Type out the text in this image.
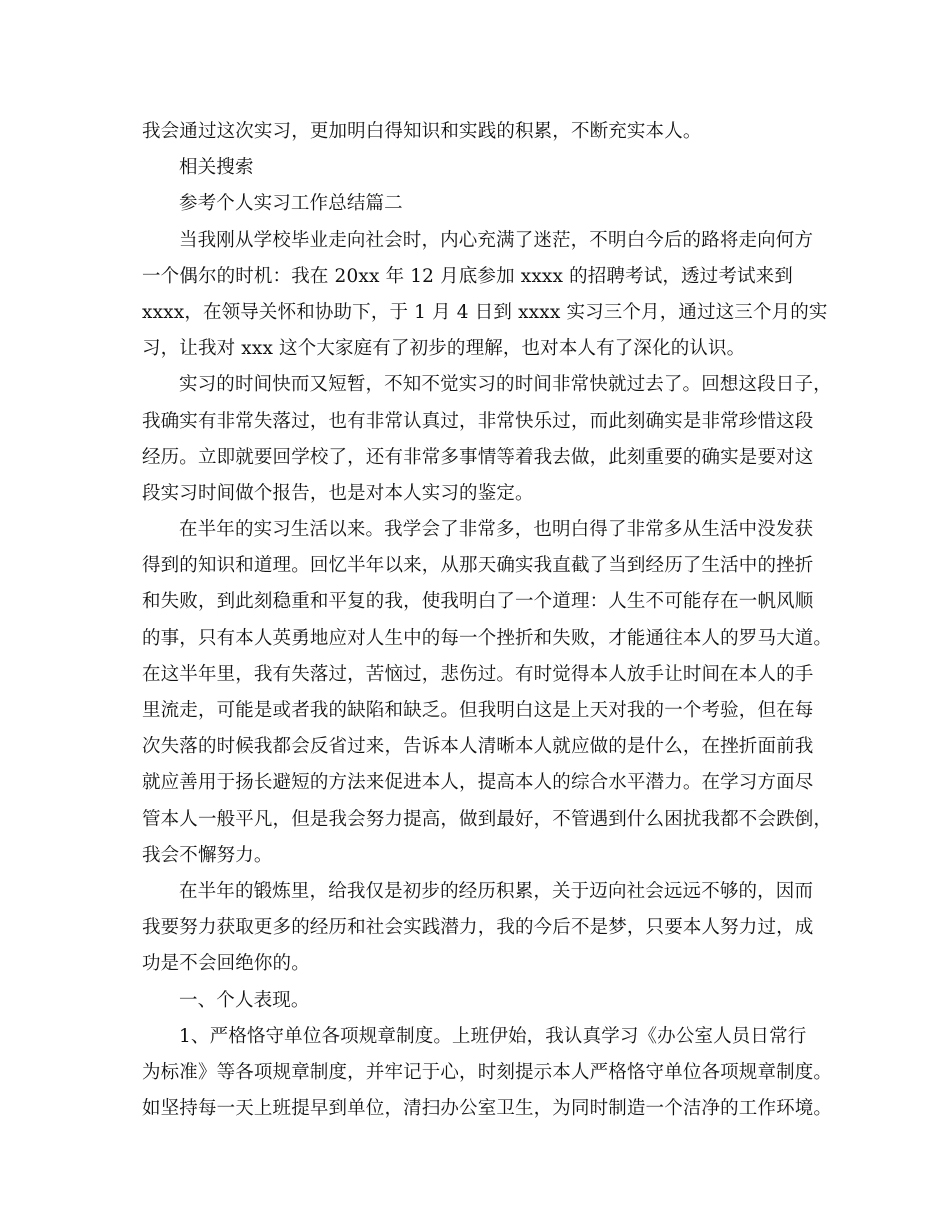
我会通过这次实习，更加明白得知识和实践的积累，不断充实本人。
相关搜索
参考个人实习工作总结篇二
当我刚从学校毕业走向社会时，内心充满了迷茫，不明白今后的路将走向何方
一个偶尔的时机：我在 20xx 年 12 月底参加 xxxx 的招聘考试，透过考试来到
xxxx，在领导关怀和协助下，于 1 月 4 日到 xxxx 实习三个月，通过这三个月的实
习，让我对 xxx 这个大家庭有了初步的理解，也对本人有了深化的认识。
实习的时间快而又短暂，不知不觉实习的时间非常快就过去了。回想这段日子，
我确实有非常失落过，也有非常认真过，非常快乐过，而此刻确实是非常珍惜这段
经历。立即就要回学校了，还有非常多事情等着我去做，此刻重要的确实是要对这
段实习时间做个报告，也是对本人实习的鉴定。
在半年的实习生活以来。我学会了非常多，也明白得了非常多从生活中没发获
得到的知识和道理。回忆半年以来，从那天确实我直截了当到经历了生活中的挫折
和失败，到此刻稳重和平复的我，使我明白了一个道理：人生不可能存在一帆风顺
的事，只有本人英勇地应对人生中的每一个挫折和失败，才能通往本人的罗马大道。
在这半年里，我有失落过，苦恼过，悲伤过。有时觉得本人放手让时间在本人的手
里流走，可能是或者我的缺陷和缺乏。但我明白这是上天对我的一个考验，但在每
次失落的时候我都会反省过来，告诉本人清晰本人就应做的是什么，在挫折面前我
就应善用于扬长避短的方法来促进本人，提高本人的综合水平潜力。在学习方面尽
管本人一般平凡，但是我会努力提高，做到最好，不管遇到什么困扰我都不会跌倒，
我会不懈努力。
在半年的锻炼里，给我仅是初步的经历积累，关于迈向社会远远不够的，因而
我要努力获取更多的经历和社会实践潜力，我的今后不是梦，只要本人努力过，成
功是不会回绝你的。
一、个人表现。
1、严格恪守单位各项规章制度。上班伊始，我认真学习《办公室人员日常行
为标准》等各项规章制度，并牢记于心，时刻提示本人严格恪守单位各项规章制度。
如坚持每一天上班提早到单位，清扫办公室卫生，为同时制造一个洁净的工作环境。
